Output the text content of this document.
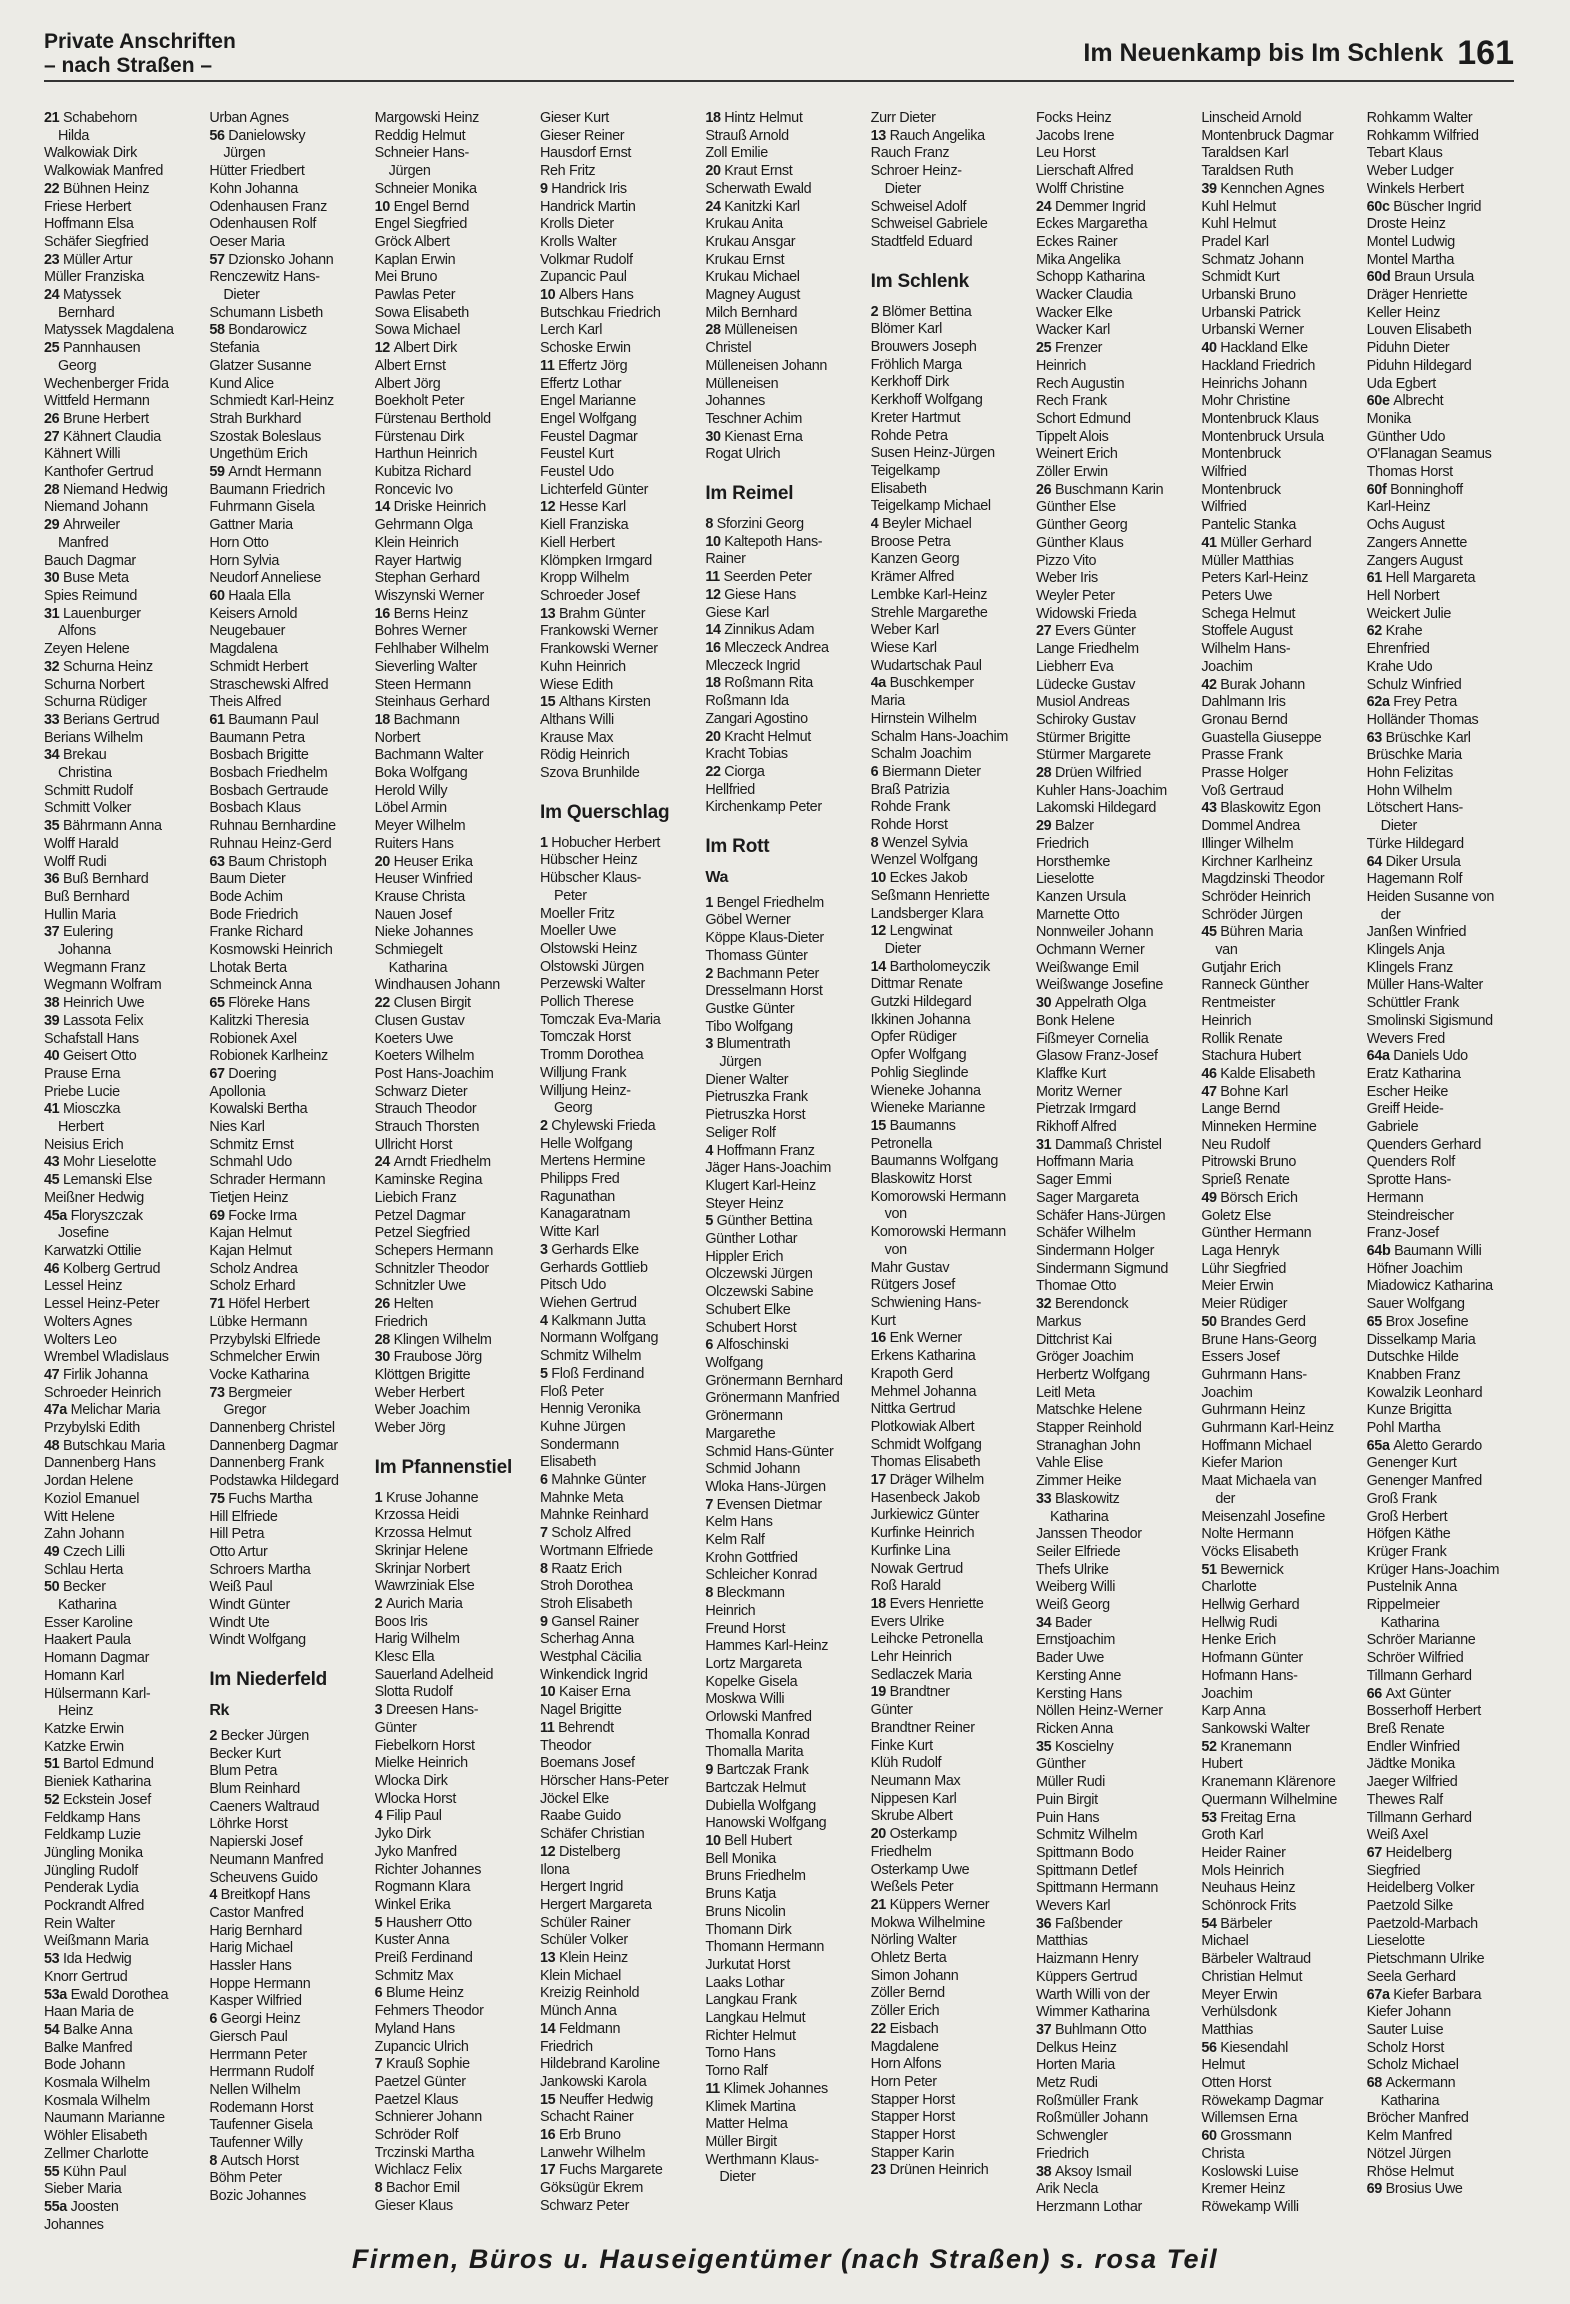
Private Anschriften
– nach Straßen –	Im Neuenkamp bis Im Schlenk 161
21 Schabehorn
Hilda
Walkowiak Dirk
Walkowiak Manfred
22 Bühnen Heinz
Friese Herbert
Hoffmann Elsa
Schäfer Siegfried
23 Müller Artur
Müller Franziska
24 Matyssek
Bernhard
Matyssek Magdalena
25 Pannhausen
Georg
Wechenberger Frida
Wittfeld Hermann
26 Brune Herbert
27 Kähnert Claudia
Kähnert Willi
Kanthofer Gertrud
28 Niemand Hedwig
Niemand Johann
29 Ahrweiler
Manfred
Bauch Dagmar
30 Buse Meta
Spies Reimund
31 Lauenburger
Alfons
Zeyen Helene
32 Schurna Heinz
Schurna Norbert
Schurna Rüdiger
33 Berians Gertrud
Berians Wilhelm
34 Brekau
Christina
Schmitt Rudolf
Schmitt Volker
35 Bährmann Anna
Wolff Harald
Wolff Rudi
36 Buß Bernhard
Buß Bernhard
Hullin Maria
37 Eulering
Johanna
Wegmann Franz
Wegmann Wolfram
38 Heinrich Uwe
39 Lassota Felix
Schafstall Hans
40 Geisert Otto
Prause Erna
Priebe Lucie
41 Miosczka
Herbert
Neisius Erich
43 Mohr Lieselotte
45 Lemanski Else
Meißner Hedwig
45a Floryszczak
Josefine
Karwatzki Ottilie
46 Kolberg Gertrud
Lessel Heinz
Lessel Heinz-Peter
Wolters Agnes
Wolters Leo
Wrembel Wladislaus
47 Firlik Johanna
Schroeder Heinrich
47a Melichar Maria
Przybylski Edith
48 Butschkau Maria
Dannenberg Hans
Jordan Helene
Koziol Emanuel
Witt Helene
Zahn Johann
49 Czech Lilli
Schlau Herta
50 Becker
Katharina
Esser Karoline
Haakert Paula
Homann Dagmar
Homann Karl
Hülsermann Karl-
Heinz
Katzke Erwin
Katzke Erwin
51 Bartol Edmund
Bieniek Katharina
52 Eckstein Josef
Feldkamp Hans
Feldkamp Luzie
Jüngling Monika
Jüngling Rudolf
Penderak Lydia
Pockrandt Alfred
Rein Walter
Weißmann Maria
53 Ida Hedwig
Knorr Gertrud
53a Ewald Dorothea
Haan Maria de
54 Balke Anna
Balke Manfred
Bode Johann
Kosmala Wilhelm
Kosmala Wilhelm
Naumann Marianne
Wöhler Elisabeth
Zellmer Charlotte
55 Kühn Paul
Sieber Maria
55a Joosten
Johannes
Urban Agnes
56 Danielowsky
Jürgen
Hütter Friedbert
Kohn Johanna
Odenhausen Franz
Odenhausen Rolf
Oeser Maria
57 Dzionsko Johann
Renczewitz Hans-
Dieter
Schumann Lisbeth
58 Bondarowicz
Stefania
Glatzer Susanne
Kund Alice
Schmiedt Karl-Heinz
Strah Burkhard
Szostak Boleslaus
Ungethüm Erich
59 Arndt Hermann
Baumann Friedrich
Fuhrmann Gisela
Gattner Maria
Horn Otto
Horn Sylvia
Neudorf Anneliese
60 Haala Ella
Keisers Arnold
Neugebauer
Magdalena
Schmidt Herbert
Straschewski Alfred
Theis Alfred
61 Baumann Paul
Baumann Petra
Bosbach Brigitte
Bosbach Friedhelm
Bosbach Gertraude
Bosbach Klaus
Ruhnau Bernhardine
Ruhnau Heinz-Gerd
63 Baum Christoph
Baum Dieter
Bode Achim
Bode Friedrich
Franke Richard
Kosmowski Heinrich
Lhotak Berta
Schmeinck Anna
65 Flöreke Hans
Kalitzki Theresia
Robionek Axel
Robionek Karlheinz
67 Doering
Apollonia
Kowalski Bertha
Nies Karl
Schmitz Ernst
Schmahl Udo
Schrader Hermann
Tietjen Heinz
69 Focke Irma
Kajan Helmut
Kajan Helmut
Scholz Andrea
Scholz Erhard
71 Höfel Herbert
Lübke Hermann
Przybylski Elfriede
Schmelcher Erwin
Vocke Katharina
73 Bergmeier
Gregor
Dannenberg Christel
Dannenberg Dagmar
Dannenberg Frank
Podstawka Hildegard
75 Fuchs Martha
Hill Elfriede
Hill Petra
Otto Artur
Schroers Martha
Weiß Paul
Windt Günter
Windt Ute
Windt Wolfgang
Im Niederfeld
Rk
2 Becker Jürgen
Becker Kurt
Blum Petra
Blum Reinhard
Caeners Waltraud
Löhrke Horst
Napierski Josef
Neumann Manfred
Scheuvens Guido
4 Breitkopf Hans
Castor Manfred
Harig Bernhard
Harig Michael
Hassler Hans
Hoppe Hermann
Kasper Wilfried
6 Georgi Heinz
Giersch Paul
Herrmann Peter
Herrmann Rudolf
Nellen Wilhelm
Rodemann Horst
Taufenner Gisela
Taufenner Willy
8 Autsch Horst
Böhm Peter
Bozic Johannes
Margowski Heinz
Reddig Helmut
Schneier Hans-
Jürgen
Schneier Monika
10 Engel Bernd
Engel Siegfried
Gröck Albert
Kaplan Erwin
Mei Bruno
Pawlas Peter
Sowa Elisabeth
Sowa Michael
12 Albert Dirk
Albert Ernst
Albert Jörg
Boekholt Peter
Fürstenau Berthold
Fürstenau Dirk
Harthun Heinrich
Kubitza Richard
Roncevic Ivo
14 Driske Heinrich
Gehrmann Olga
Klein Heinrich
Rayer Hartwig
Stephan Gerhard
Wiszynski Werner
16 Berns Heinz
Bohres Werner
Fehlhaber Wilhelm
Sieverling Walter
Steen Hermann
Steinhaus Gerhard
18 Bachmann
Norbert
Bachmann Walter
Boka Wolfgang
Herold Willy
Löbel Armin
Meyer Wilhelm
Ruiters Hans
20 Heuser Erika
Heuser Winfried
Krause Christa
Nauen Josef
Nieke Johannes
Schmiegelt
Katharina
Windhausen Johann
22 Clusen Birgit
Clusen Gustav
Koeters Uwe
Koeters Wilhelm
Post Hans-Joachim
Schwarz Dieter
Strauch Theodor
Strauch Thorsten
Ullricht Horst
24 Arndt Friedhelm
Kaminske Regina
Liebich Franz
Petzel Dagmar
Petzel Siegfried
Schepers Hermann
Schnitzler Theodor
Schnitzler Uwe
26 Helten
Friedrich
28 Klingen Wilhelm
30 Fraubose Jörg
Klöttgen Brigitte
Weber Herbert
Weber Joachim
Weber Jörg
Im Pfannenstiel
1 Kruse Johanne
Krzossa Heidi
Krzossa Helmut
Skrinjar Helene
Skrinjar Norbert
Wawrziniak Else
2 Aurich Maria
Boos Iris
Harig Wilhelm
Klesc Ella
Sauerland Adelheid
Slotta Rudolf
3 Dreesen Hans-
Günter
Fiebelkorn Horst
Mielke Heinrich
Wlocka Dirk
Wlocka Horst
4 Filip Paul
Jyko Dirk
Jyko Manfred
Richter Johannes
Rogmann Klara
Winkel Erika
5 Hausherr Otto
Kuster Anna
Preiß Ferdinand
Schmitz Max
6 Blume Heinz
Fehmers Theodor
Myland Hans
Zupancic Ulrich
7 Krauß Sophie
Paetzel Günter
Paetzel Klaus
Schnierer Johann
Schröder Rolf
Trczinski Martha
Wichlacz Felix
8 Bachor Emil
Gieser Klaus
Gieser Kurt
Gieser Reiner
Hausdorf Ernst
Reh Fritz
9 Handrick Iris
Handrick Martin
Krolls Dieter
Krolls Walter
Volkmar Rudolf
Zupancic Paul
10 Albers Hans
Butschkau Friedrich
Lerch Karl
Schoske Erwin
11 Effertz Jörg
Effertz Lothar
Engel Marianne
Engel Wolfgang
Feustel Dagmar
Feustel Kurt
Feustel Udo
Lichterfeld Günter
12 Hesse Karl
Kiell Franziska
Kiell Herbert
Klömpken Irmgard
Kropp Wilhelm
Schroeder Josef
13 Brahm Günter
Frankowski Werner
Frankowski Werner
Kuhn Heinrich
Wiese Edith
15 Althans Kirsten
Althans Willi
Krause Max
Rödig Heinrich
Szova Brunhilde
Im Querschlag
1 Hobucher Herbert
Hübscher Heinz
Hübscher Klaus-
Peter
Moeller Fritz
Moeller Uwe
Olstowski Heinz
Olstowski Jürgen
Perzewski Walter
Pollich Therese
Tomczak Eva-Maria
Tomczak Horst
Tromm Dorothea
Willjung Frank
Willjung Heinz-
Georg
2 Chylewski Frieda
Helle Wolfgang
Mertens Hermine
Philipps Fred
Ragunathan
Kanagaratnam
Witte Karl
3 Gerhards Elke
Gerhards Gottlieb
Pitsch Udo
Wiehen Gertrud
4 Kalkmann Jutta
Normann Wolfgang
Schmitz Wilhelm
5 Floß Ferdinand
Floß Peter
Hennig Veronika
Kuhne Jürgen
Sondermann
Elisabeth
6 Mahnke Günter
Mahnke Meta
Mahnke Reinhard
7 Scholz Alfred
Wortmann Elfriede
8 Raatz Erich
Stroh Dorothea
Stroh Elisabeth
9 Gansel Rainer
Scherhag Anna
Westphal Cäcilia
Winkendick Ingrid
10 Kaiser Erna
Nagel Brigitte
11 Behrendt
Theodor
Boemans Josef
Hörscher Hans-Peter
Jöckel Elke
Raabe Guido
Schäfer Christian
12 Distelberg
Ilona
Hergert Ingrid
Hergert Margareta
Schüler Rainer
Schüler Volker
13 Klein Heinz
Klein Michael
Kreizig Reinhold
Münch Anna
14 Feldmann
Friedrich
Hildebrand Karoline
Jankowski Karola
15 Neuffer Hedwig
Schacht Rainer
16 Erb Bruno
Lanwehr Wilhelm
17 Fuchs Margarete
Göksügür Ekrem
Schwarz Peter
18 Hintz Helmut
Strauß Arnold
Zoll Emilie
20 Kraut Ernst
Scherwath Ewald
24 Kanitzki Karl
Krukau Anita
Krukau Ansgar
Krukau Ernst
Krukau Michael
Magney August
Milch Bernhard
28 Mülleneisen
Christel
Mülleneisen Johann
Mülleneisen
Johannes
Teschner Achim
30 Kienast Erna
Rogat Ulrich
Im Reimel
8 Sforzini Georg
10 Kaltepoth Hans-
Rainer
11 Seerden Peter
12 Giese Hans
Giese Karl
14 Zinnikus Adam
16 Mleczeck Andrea
Mleczeck Ingrid
18 Roßmann Rita
Roßmann Ida
Zangari Agostino
20 Kracht Helmut
Kracht Tobias
22 Ciorga
Hellfried
Kirchenkamp Peter
Im Rott
Wa
1 Bengel Friedhelm
Göbel Werner
Köppe Klaus-Dieter
Thomass Günter
2 Bachmann Peter
Dresselmann Horst
Gustke Günter
Tibo Wolfgang
3 Blumentrath
Jürgen
Diener Walter
Pietruszka Frank
Pietruszka Horst
Seliger Rolf
4 Hoffmann Franz
Jäger Hans-Joachim
Klugert Karl-Heinz
Steyer Heinz
5 Günther Bettina
Günther Lothar
Hippler Erich
Olczewski Jürgen
Olczewski Sabine
Schubert Elke
Schubert Horst
6 Alfoschinski
Wolfgang
Grönermann Bernhard
Grönermann Manfried
Grönermann
Margarethe
Schmid Hans-Günter
Schmid Johann
Wloka Hans-Jürgen
7 Evensen Dietmar
Kelm Hans
Kelm Ralf
Krohn Gottfried
Schleicher Konrad
8 Bleckmann
Heinrich
Freund Horst
Hammes Karl-Heinz
Lortz Margareta
Kopelke Gisela
Moskwa Willi
Orlowski Manfred
Thomalla Konrad
Thomalla Marita
9 Bartczak Frank
Bartczak Helmut
Dubiella Wolfgang
Hanowski Wolfgang
10 Bell Hubert
Bell Monika
Bruns Friedhelm
Bruns Katja
Bruns Nicolin
Thomann Dirk
Thomann Hermann
Jurkutat Horst
Laaks Lothar
Langkau Frank
Langkau Helmut
Richter Helmut
Torno Hans
Torno Ralf
11 Klimek Johannes
Klimek Martina
Matter Helma
Müller Birgit
Werthmann Klaus-
Dieter
Zurr Dieter
13 Rauch Angelika
Rauch Franz
Schroer Heinz-
Dieter
Schweisel Adolf
Schweisel Gabriele
Stadtfeld Eduard
Im Schlenk
2 Blömer Bettina
Blömer Karl
Brouwers Joseph
Fröhlich Marga
Kerkhoff Dirk
Kerkhoff Wolfgang
Kreter Hartmut
Rohde Petra
Susen Heinz-Jürgen
Teigelkamp
Elisabeth
Teigelkamp Michael
4 Beyler Michael
Broose Petra
Kanzen Georg
Krämer Alfred
Lembke Karl-Heinz
Strehle Margarethe
Weber Karl
Wiese Karl
Wudartschak Paul
4a Buschkemper
Maria
Hirnstein Wilhelm
Schalm Hans-Joachim
Schalm Joachim
6 Biermann Dieter
Braß Patrizia
Rohde Frank
Rohde Horst
8 Wenzel Sylvia
Wenzel Wolfgang
10 Eckes Jakob
Seßmann Henriette
Landsberger Klara
12 Lengwinat
Dieter
14 Bartholomeyczik
Dittmar Renate
Gutzki Hildegard
Ikkinen Johanna
Opfer Rüdiger
Opfer Wolfgang
Pohlig Sieglinde
Wieneke Johanna
Wieneke Marianne
15 Baumanns
Petronella
Baumanns Wolfgang
Blaskowitz Horst
Komorowski Hermann
von
Komorowski Hermann
von
Mahr Gustav
Rütgers Josef
Schwiening Hans-
Kurt
16 Enk Werner
Erkens Katharina
Krapoth Gerd
Mehmel Johanna
Nittka Gertrud
Plotkowiak Albert
Schmidt Wolfgang
Thomas Elisabeth
17 Dräger Wilhelm
Hasenbeck Jakob
Jurkiewicz Günter
Kurfinke Heinrich
Kurfinke Lina
Nowak Gertrud
Roß Harald
18 Evers Henriette
Evers Ulrike
Leihcke Petronella
Lehr Heinrich
Sedlaczek Maria
19 Brandtner
Günter
Brandtner Reiner
Finke Kurt
Klüh Rudolf
Neumann Max
Nippesen Karl
Skrube Albert
20 Osterkamp
Friedhelm
Osterkamp Uwe
Weßels Peter
21 Küppers Werner
Mokwa Wilhelmine
Nörling Walter
Ohletz Berta
Simon Johann
Zöller Bernd
Zöller Erich
22 Eisbach
Magdalene
Horn Alfons
Horn Peter
Stapper Horst
Stapper Horst
Stapper Horst
Stapper Karin
23 Drünen Heinrich
Focks Heinz
Jacobs Irene
Leu Horst
Lierschaft Alfred
Wolff Christine
24 Demmer Ingrid
Eckes Margaretha
Eckes Rainer
Mika Angelika
Schopp Katharina
Wacker Claudia
Wacker Elke
Wacker Karl
25 Frenzer
Heinrich
Rech Augustin
Rech Frank
Schort Edmund
Tippelt Alois
Weinert Erich
Zöller Erwin
26 Buschmann Karin
Günther Else
Günther Georg
Günther Klaus
Pizzo Vito
Weber Iris
Weyler Peter
Widowski Frieda
27 Evers Günter
Lange Friedhelm
Liebherr Eva
Lüdecke Gustav
Musiol Andreas
Schiroky Gustav
Stürmer Brigitte
Stürmer Margarete
28 Drüen Wilfried
Kuhler Hans-Joachim
Lakomski Hildegard
29 Balzer
Friedrich
Horsthemke
Lieselotte
Kanzen Ursula
Marnette Otto
Nonnweiler Johann
Ochmann Werner
Weißwange Emil
Weißwange Josefine
30 Appelrath Olga
Bonk Helene
Fißmeyer Cornelia
Glasow Franz-Josef
Klaffke Kurt
Moritz Werner
Pietrzak Irmgard
Rikhoff Alfred
31 Dammaß Christel
Hoffmann Maria
Sager Emmi
Sager Margareta
Schäfer Hans-Jürgen
Schäfer Wilhelm
Sindermann Holger
Sindermann Sigmund
Thomae Otto
32 Berendonck
Markus
Dittchrist Kai
Gröger Joachim
Herbertz Wolfgang
Leitl Meta
Matschke Helene
Stapper Reinhold
Stranaghan John
Vahle Elise
Zimmer Heike
33 Blaskowitz
Katharina
Janssen Theodor
Seiler Elfriede
Thefs Ulrike
Weiberg Willi
Weiß Georg
34 Bader
Ernstjoachim
Bader Uwe
Kersting Anne
Kersting Hans
Nöllen Heinz-Werner
Ricken Anna
35 Koscielny
Günther
Müller Rudi
Puin Birgit
Puin Hans
Schmitz Wilhelm
Spittmann Bodo
Spittmann Detlef
Spittmann Hermann
Wevers Karl
36 Faßbender
Matthias
Haizmann Henry
Küppers Gertrud
Warth Willi von der
Wimmer Katharina
37 Buhlmann Otto
Delkus Heinz
Horten Maria
Metz Rudi
Roßmüller Frank
Roßmüller Johann
Schwengler
Friedrich
38 Aksoy Ismail
Arik Necla
Herzmann Lothar
Linscheid Arnold
Montenbruck Dagmar
Taraldsen Karl
Taraldsen Ruth
39 Kennchen Agnes
Kuhl Helmut
Kuhl Helmut
Pradel Karl
Schmatz Johann
Schmidt Kurt
Urbanski Bruno
Urbanski Patrick
Urbanski Werner
40 Hackland Elke
Hackland Friedrich
Heinrichs Johann
Mohr Christine
Montenbruck Klaus
Montenbruck Ursula
Montenbruck
Wilfried
Montenbruck
Wilfried
Pantelic Stanka
41 Müller Gerhard
Müller Matthias
Peters Karl-Heinz
Peters Uwe
Schega Helmut
Stoffele August
Wilhelm Hans-
Joachim
42 Burak Johann
Dahlmann Iris
Gronau Bernd
Guastella Giuseppe
Prasse Frank
Prasse Holger
Voß Gertraud
43 Blaskowitz Egon
Dommel Andrea
Illinger Wilhelm
Kirchner Karlheinz
Magdzinski Theodor
Schröder Heinrich
Schröder Jürgen
45 Bühren Maria
van
Gutjahr Erich
Ranneck Günther
Rentmeister
Heinrich
Rollik Renate
Stachura Hubert
46 Kalde Elisabeth
47 Bohne Karl
Lange Bernd
Minneken Hermine
Neu Rudolf
Pitrowski Bruno
Sprieß Renate
49 Börsch Erich
Goletz Else
Günther Hermann
Laga Henryk
Lühr Siegfried
Meier Erwin
Meier Rüdiger
50 Brandes Gerd
Brune Hans-Georg
Essers Josef
Guhrmann Hans-
Joachim
Guhrmann Heinz
Guhrmann Karl-Heinz
Hoffmann Michael
Kiefer Marion
Maat Michaela van
der
Meisenzahl Josefine
Nolte Hermann
Vöcks Elisabeth
51 Bewernick
Charlotte
Hellwig Gerhard
Hellwig Rudi
Henke Erich
Hofmann Günter
Hofmann Hans-
Joachim
Karp Anna
Sankowski Walter
52 Kranemann
Hubert
Kranemann Klärenore
Quermann Wilhelmine
53 Freitag Erna
Groth Karl
Heider Rainer
Mols Heinrich
Neuhaus Heinz
Schönrock Frits
54 Bärbeler
Michael
Bärbeler Waltraud
Christian Helmut
Meyer Erwin
Verhülsdonk
Matthias
56 Kiesendahl
Helmut
Otten Horst
Röwekamp Dagmar
Willemsen Erna
60 Grossmann
Christa
Koslowski Luise
Kremer Heinz
Röwekamp Willi
Rohkamm Walter
Rohkamm Wilfried
Tebart Klaus
Weber Ludger
Winkels Herbert
60c Büscher Ingrid
Droste Heinz
Montel Ludwig
Montel Martha
60d Braun Ursula
Dräger Henriette
Keller Heinz
Louven Elisabeth
Piduhn Dieter
Piduhn Hildegard
Uda Egbert
60e Albrecht
Monika
Günther Udo
O'Flanagan Seamus
Thomas Horst
60f Bonninghoff
Karl-Heinz
Ochs August
Zangers Annette
Zangers August
61 Hell Margareta
Hell Norbert
Weickert Julie
62 Krahe
Ehrenfried
Krahe Udo
Schulz Winfried
62a Frey Petra
Holländer Thomas
63 Brüschke Karl
Brüschke Maria
Hohn Felizitas
Hohn Wilhelm
Lötschert Hans-
Dieter
Türke Hildegard
64 Diker Ursula
Hagemann Rolf
Heiden Susanne von
der
Janßen Winfried
Klingels Anja
Klingels Franz
Müller Hans-Walter
Schüttler Frank
Smolinski Sigismund
Wevers Fred
64a Daniels Udo
Eratz Katharina
Escher Heike
Greiff Heide-
Gabriele
Quenders Gerhard
Quenders Rolf
Sprotte Hans-
Hermann
Steindreischer
Franz-Josef
64b Baumann Willi
Höfner Joachim
Miadowicz Katharina
Sauer Wolfgang
65 Brox Josefine
Disselkamp Maria
Dutschke Hilde
Knabben Franz
Kowalzik Leonhard
Kunze Brigitta
Pohl Martha
65a Aletto Gerardo
Genenger Kurt
Genenger Manfred
Groß Frank
Groß Herbert
Höfgen Käthe
Krüger Frank
Krüger Hans-Joachim
Pustelnik Anna
Rippelmeier
Katharina
Schröer Marianne
Schröer Wilfried
Tillmann Gerhard
66 Axt Günter
Bosserhoff Herbert
Breß Renate
Endler Winfried
Jädtke Monika
Jaeger Wilfried
Thewes Ralf
Tillmann Gerhard
Weiß Axel
67 Heidelberg
Siegfried
Heidelberg Volker
Paetzold Silke
Paetzold-Marbach
Lieselotte
Pietschmann Ulrike
Seela Gerhard
67a Kiefer Barbara
Kiefer Johann
Sauter Luise
Scholz Horst
Scholz Michael
68 Ackermann
Katharina
Bröcher Manfred
Kelm Manfred
Nötzel Jürgen
Rhöse Helmut
69 Brosius Uwe
Firmen, Büros u. Hauseigentümer (nach Straßen) s. rosa Teil
